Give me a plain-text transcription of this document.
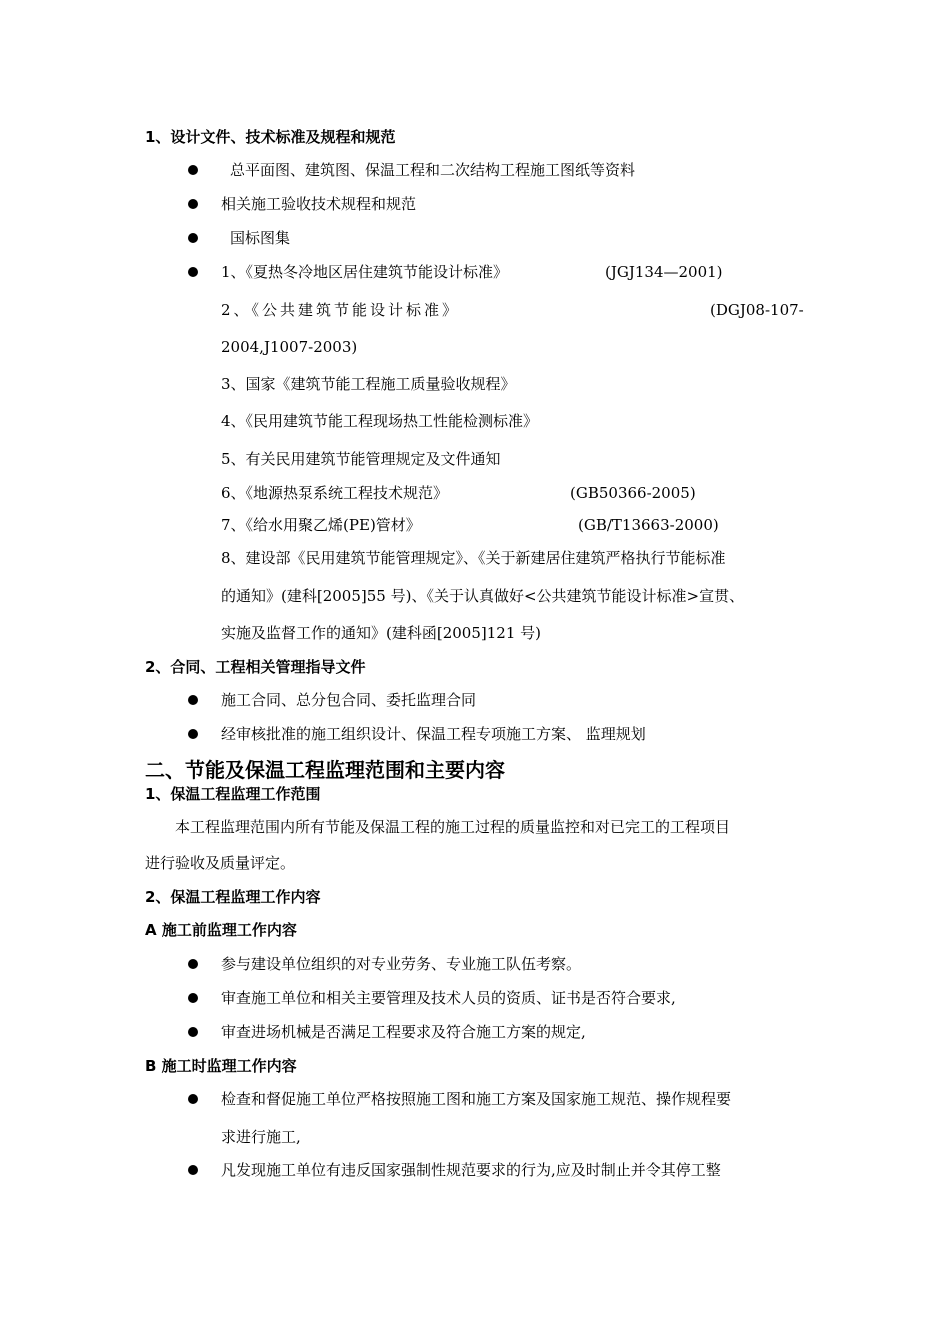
1、设计文件、技术标准及规程和规范
总平面图、建筑图、保温工程和二次结构工程施工图纸等资料
相关施工验收技术规程和规范
国标图集
1、《夏热冬冷地区居住建筑节能设计标准》	(JGJ134—2001)
2、《公共建筑节能设计标准》	(DGJ08-107-
2004,J1007-2003)
3、国家《建筑节能工程施工质量验收规程》
4、《民用建筑节能工程现场热工性能检测标准》
5、有关民用建筑节能管理规定及文件通知
6、《地源热泵系统工程技术规范》	(GB50366-2005)
7、《给水用聚乙烯(PE)管材》	(GB/T13663-2000)
8、建设部《民用建筑节能管理规定》、《关于新建居住建筑严格执行节能标准
的通知》(建科[2005]55 号)、《关于认真做好<公共建筑节能设计标准>宣贯、
实施及监督工作的通知》(建科函[2005]121 号)
2、合同、工程相关管理指导文件
施工合同、总分包合同、委托监理合同
经审核批准的施工组织设计、保温工程专项施工方案、 监理规划
二、节能及保温工程监理范围和主要内容
1、保温工程监理工作范围
本工程监理范围内所有节能及保温工程的施工过程的质量监控和对已完工的工程项目
进行验收及质量评定。
2、保温工程监理工作内容
A 施工前监理工作内容
参与建设单位组织的对专业劳务、专业施工队伍考察。
审查施工单位和相关主要管理及技术人员的资质、证书是否符合要求,
审查进场机械是否满足工程要求及符合施工方案的规定,
B 施工时监理工作内容
检查和督促施工单位严格按照施工图和施工方案及国家施工规范、操作规程要
求进行施工,
凡发现施工单位有违反国家强制性规范要求的行为,应及时制止并令其停工整
